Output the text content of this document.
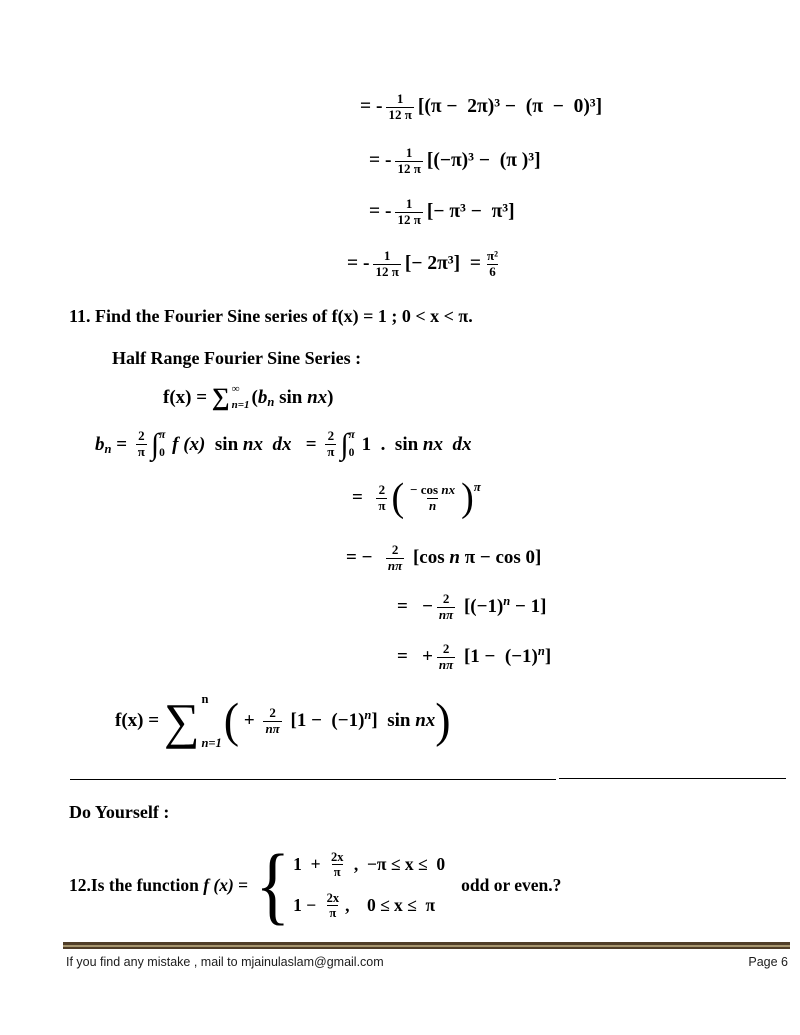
= - $\frac{1}{12 \pi} [(\pi - 2\pi)^3 - (\pi - 0)^3]$
= - $\frac{1}{12 \pi} [(-\pi)^3 - (\pi$ )³]
= - $\frac{1}{12 \pi}$ [− π³ −  π³]
= - $\frac{1}{12 \pi}$ [− $2\pi^3] = \frac{\text{π²}}{6}$
11. Find the Fourier Sine series of f(x) = 1 ; 0 < x < π.
Half Range Fourier Sine Series :
f(x) = ∑ ∞
n=1 ( b n sin nx )
b $n = \frac{2}{\pi}$ ∫ π
0 f (x) sin nx dx = $\frac{2}{\pi}$ ∫ π
0 1  . sin nx dx
= $\frac{2}{\pi}$ ( $\frac{\text{− cos nx}}{n}$ ) π
= − $\frac{2}{n\pi} [\cos$ n π − cos 0]
=   − $\frac{2}{n\pi} [(-1) n - 1]$
=   + $\frac{2}{n\pi} [1 - (-1)$ n ]
f(x) = ∑ n
n=1 ( + $\frac{2}{n\pi} [1 - (-1)$ n ] sin nx )
Do Yourself :
12.Is the function f (x) = { $1 + \frac{2x}{\pi}$ ,  −π ≤ x ≤  0
$1 - \frac{2x}{\pi}$ ,    0 ≤ x ≤  π
odd or even.?
If you find any mistake , mail to mjainulaslam@gmail.com	Page 6
